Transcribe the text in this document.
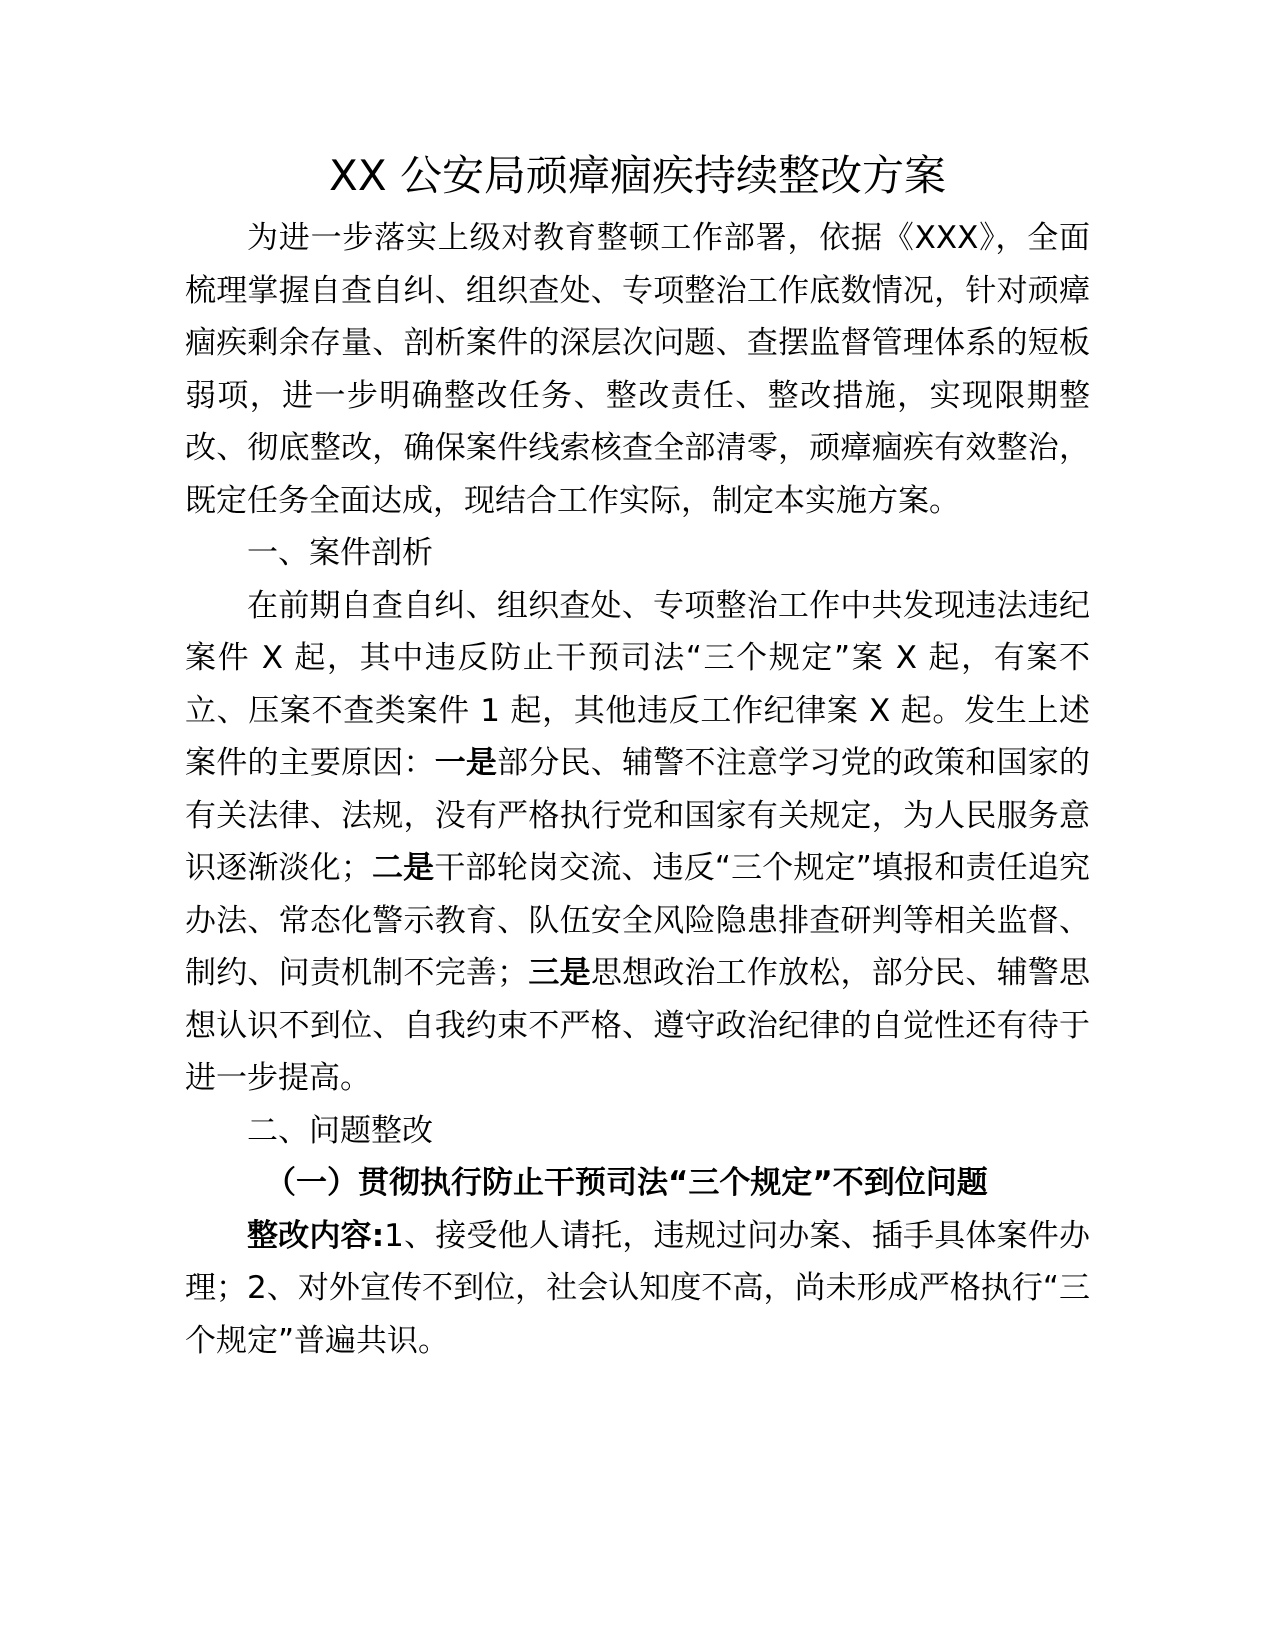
XX 公安局顽瘴痼疾持续整改方案

为进一步落实上级对教育整顿工作部署，依据《XXX》，全面梳理掌握自查自纠、组织查处、专项整治工作底数情况，针对顽瘴痼疾剩余存量、剖析案件的深层次问题、查摆监督管理体系的短板弱项，进一步明确整改任务、整改责任、整改措施，实现限期整改、彻底整改，确保案件线索核查全部清零，顽瘴痼疾有效整治，既定任务全面达成，现结合工作实际，制定本实施方案。

一、案件剖析

在前期自查自纠、组织查处、专项整治工作中共发现违法违纪案件 X 起，其中违反防止干预司法“三个规定”案 X 起，有案不立、压案不查类案件 1 起，其他违反工作纪律案 X 起。发生上述案件的主要原因：一是部分民、辅警不注意学习党的政策和国家的有关法律、法规，没有严格执行党和国家有关规定，为人民服务意识逐渐淡化；二是干部轮岗交流、违反“三个规定”填报和责任追究办法、常态化警示教育、队伍安全风险隐患排查研判等相关监督、制约、问责机制不完善；三是思想政治工作放松，部分民、辅警思想认识不到位、自我约束不严格、遵守政治纪律的自觉性还有待于进一步提高。

二、问题整改

（一）贯彻执行防止干预司法“三个规定”不到位问题

整改内容:1、接受他人请托，违规过问办案、插手具体案件办理；2、对外宣传不到位，社会认知度不高，尚未形成严格执行“三个规定”普遍共识。
